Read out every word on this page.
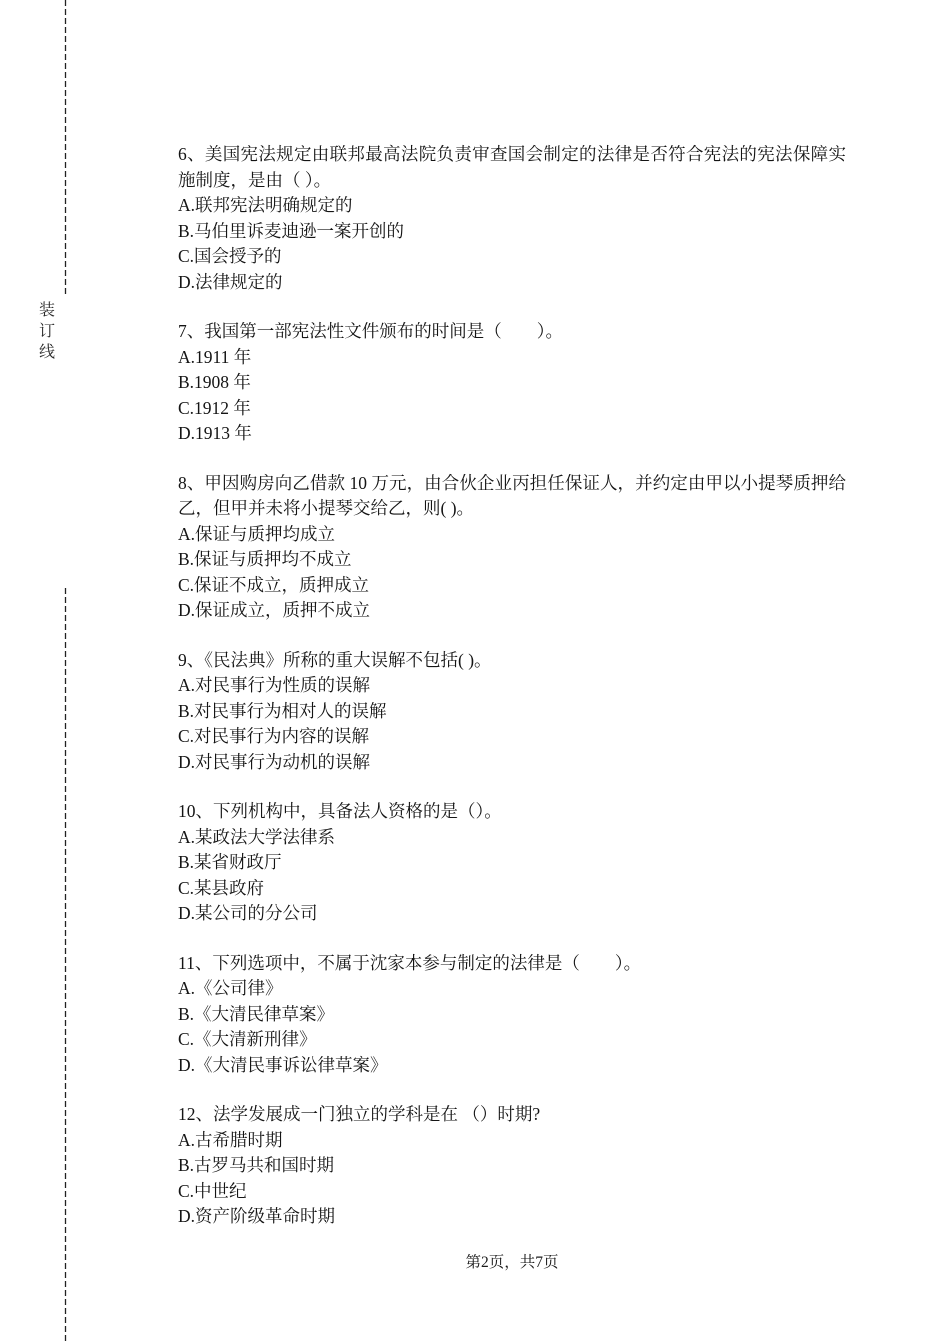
装
订
线

6、美国宪法规定由联邦最高法院负责审查国会制定的法律是否符合宪法的宪法保障实施制度，是由（ ）。

A.联邦宪法明确规定的

B.马伯里诉麦迪逊一案开创的

C.国会授予的

D.法律规定的

7、我国第一部宪法性文件颁布的时间是（　　）。

A.1911 年

B.1908 年

C.1912 年

D.1913 年

8、甲因购房向乙借款 10 万元，由合伙企业丙担任保证人，并约定由甲以小提琴质押给乙，但甲并未将小提琴交给乙，则( )。

A.保证与质押均成立

B.保证与质押均不成立

C.保证不成立，质押成立

D.保证成立，质押不成立

9、《民法典》所称的重大误解不包括( )。

A.对民事行为性质的误解

B.对民事行为相对人的误解

C.对民事行为内容的误解

D.对民事行为动机的误解

10、下列机构中，具备法人资格的是（）。

A.某政法大学法律系

B.某省财政厅

C.某县政府

D.某公司的分公司

11、下列选项中，不属于沈家本参与制定的法律是（　　）。

A.《公司律》

B.《大清民律草案》

C.《大清新刑律》

D.《大清民事诉讼律草案》

12、法学发展成一门独立的学科是在 （）时期?

A.古希腊时期

B.古罗马共和国时期

C.中世纪

D.资产阶级革命时期

第2页，共7页
